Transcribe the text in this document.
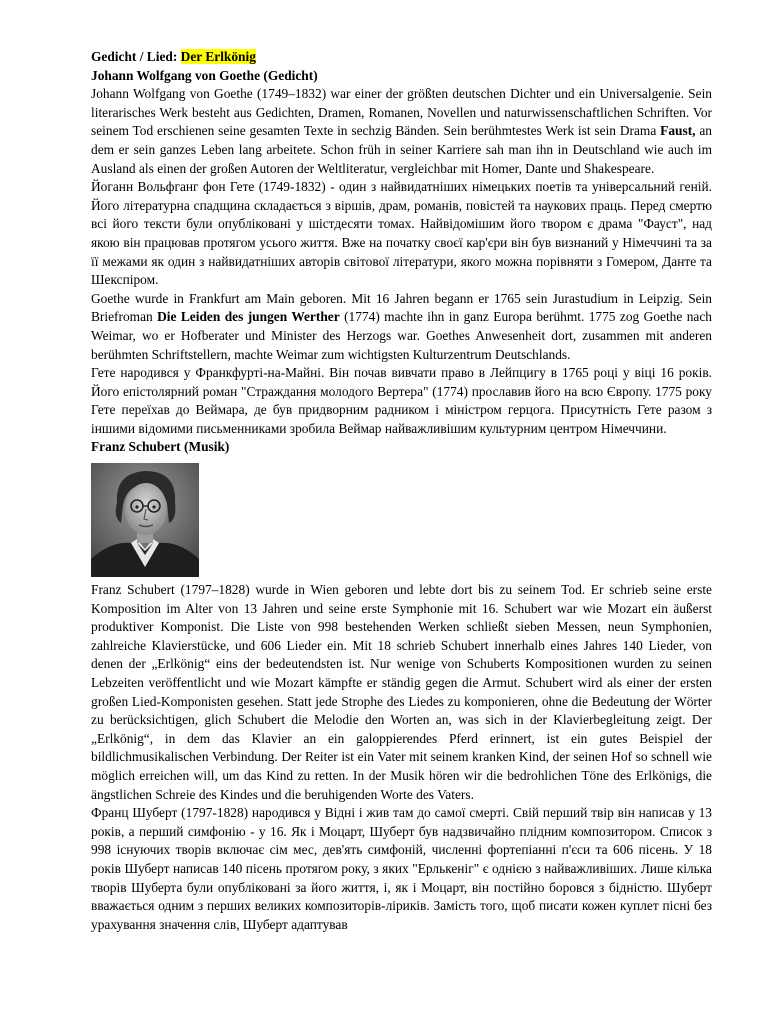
Gedicht / Lied: Der Erlkönig
Johann Wolfgang von Goethe (Gedicht)

Johann Wolfgang von Goethe (1749–1832) war einer der größten deutschen Dichter und ein Universalgenie. Sein literarisches Werk besteht aus Gedichten, Dramen, Romanen, Novellen und naturwissenschaftlichen Schriften. Vor seinem Tod erschienen seine gesamten Texte in sechzig Bänden. Sein berühmtestes Werk ist sein Drama Faust, an dem er sein ganzes Leben lang arbeitete. Schon früh in seiner Karriere sah man ihn in Deutschland wie auch im Ausland als einen der großen Autoren der Weltliteratur, vergleichbar mit Homer, Dante und Shakespeare.

Йоганн Вольфганг фон Гете (1749-1832) - один з найвидатніших німецьких поетів та універсальний геній. Його літературна спадщина складається з віршів, драм, романів, повістей та наукових праць. Перед смертю всі його тексти були опубліковані у шістдесяти томах. Найвідомішим його твором є драма "Фауст", над якою він працював протягом усього життя. Вже на початку своєї кар'єри він був визнаний у Німеччині та за її межами як один з найвидатніших авторів світової літератури, якого можна порівняти з Гомером, Данте та Шекспіром.

Goethe wurde in Frankfurt am Main geboren. Mit 16 Jahren begann er 1765 sein Jurastudium in Leipzig. Sein Briefroman Die Leiden des jungen Werther (1774) machte ihn in ganz Europa berühmt. 1775 zog Goethe nach Weimar, wo er Hofberater und Minister des Herzogs war. Goethes Anwesenheit dort, zusammen mit anderen berühmten Schriftstellern, machte Weimar zum wichtigsten Kulturzentrum Deutschlands.

Гете народився у Франкфурті-на-Майні. Він почав вивчати право в Лейпцигу в 1765 році у віці 16 років. Його епістолярний роман "Страждання молодого Вертера" (1774) прославив його на всю Європу. 1775 року Гете переїхав до Веймара, де був придворним радником і міністром герцога. Присутність Гете разом з іншими відомими письменниками зробила Веймар найважливішим культурним центром Німеччини.

Franz Schubert (Musik)

Franz Schubert (1797–1828) wurde in Wien geboren und lebte dort bis zu seinem Tod. Er schrieb seine erste Komposition im Alter von 13 Jahren und seine erste Symphonie mit 16. Schubert war wie Mozart ein äußerst produktiver Komponist. Die Liste von 998 bestehenden Werken schließt sieben Messen, neun Symphonien, zahlreiche Klavierstücke, und 606 Lieder ein. Mit 18 schrieb Schubert innerhalb eines Jahres 140 Lieder, von denen der „Erlkönig“ eins der bedeutendsten ist. Nur wenige von Schuberts Kompositionen wurden zu seinen Lebzeiten veröffentlicht und wie Mozart kämpfte er ständig gegen die Armut. Schubert wird als einer der ersten großen Lied-Komponisten gesehen. Statt jede Strophe des Liedes zu komponieren, ohne die Bedeutung der Wörter zu berücksichtigen, glich Schubert die Melodie den Worten an, was sich in der Klavierbegleitung zeigt. Der „Erlkönig“, in dem das Klavier an ein galoppierendes Pferd erinnert, ist ein gutes Beispiel der bildlichmusikalischen Verbindung. Der Reiter ist ein Vater mit seinem kranken Kind, der seinen Hof so schnell wie möglich erreichen will, um das Kind zu retten. In der Musik hören wir die bedrohlichen Töne des Erlkönigs, die ängstlichen Schreie des Kindes und die beruhigenden Worte des Vaters.

Франц Шуберт (1797-1828) народився у Відні і жив там до самої смерті. Свій перший твір він написав у 13 років, а перший симфонію - у 16. Як і Моцарт, Шуберт був надзвичайно плідним композитором. Список з 998 існуючих творів включає сім мес, дев'ять симфоній, численні фортепіанні п'єси та 606 пісень. У 18 років Шуберт написав 140 пісень протягом року, з яких "Ерлькеніг" є однією з найважливіших. Лише кілька творів Шуберта були опубліковані за його життя, і, як і Моцарт, він постійно боровся з бідністю. Шуберт вважається одним з перших великих композиторів-ліриків. Замість того, щоб писати кожен куплет пісні без урахування значення слів, Шуберт адаптував
